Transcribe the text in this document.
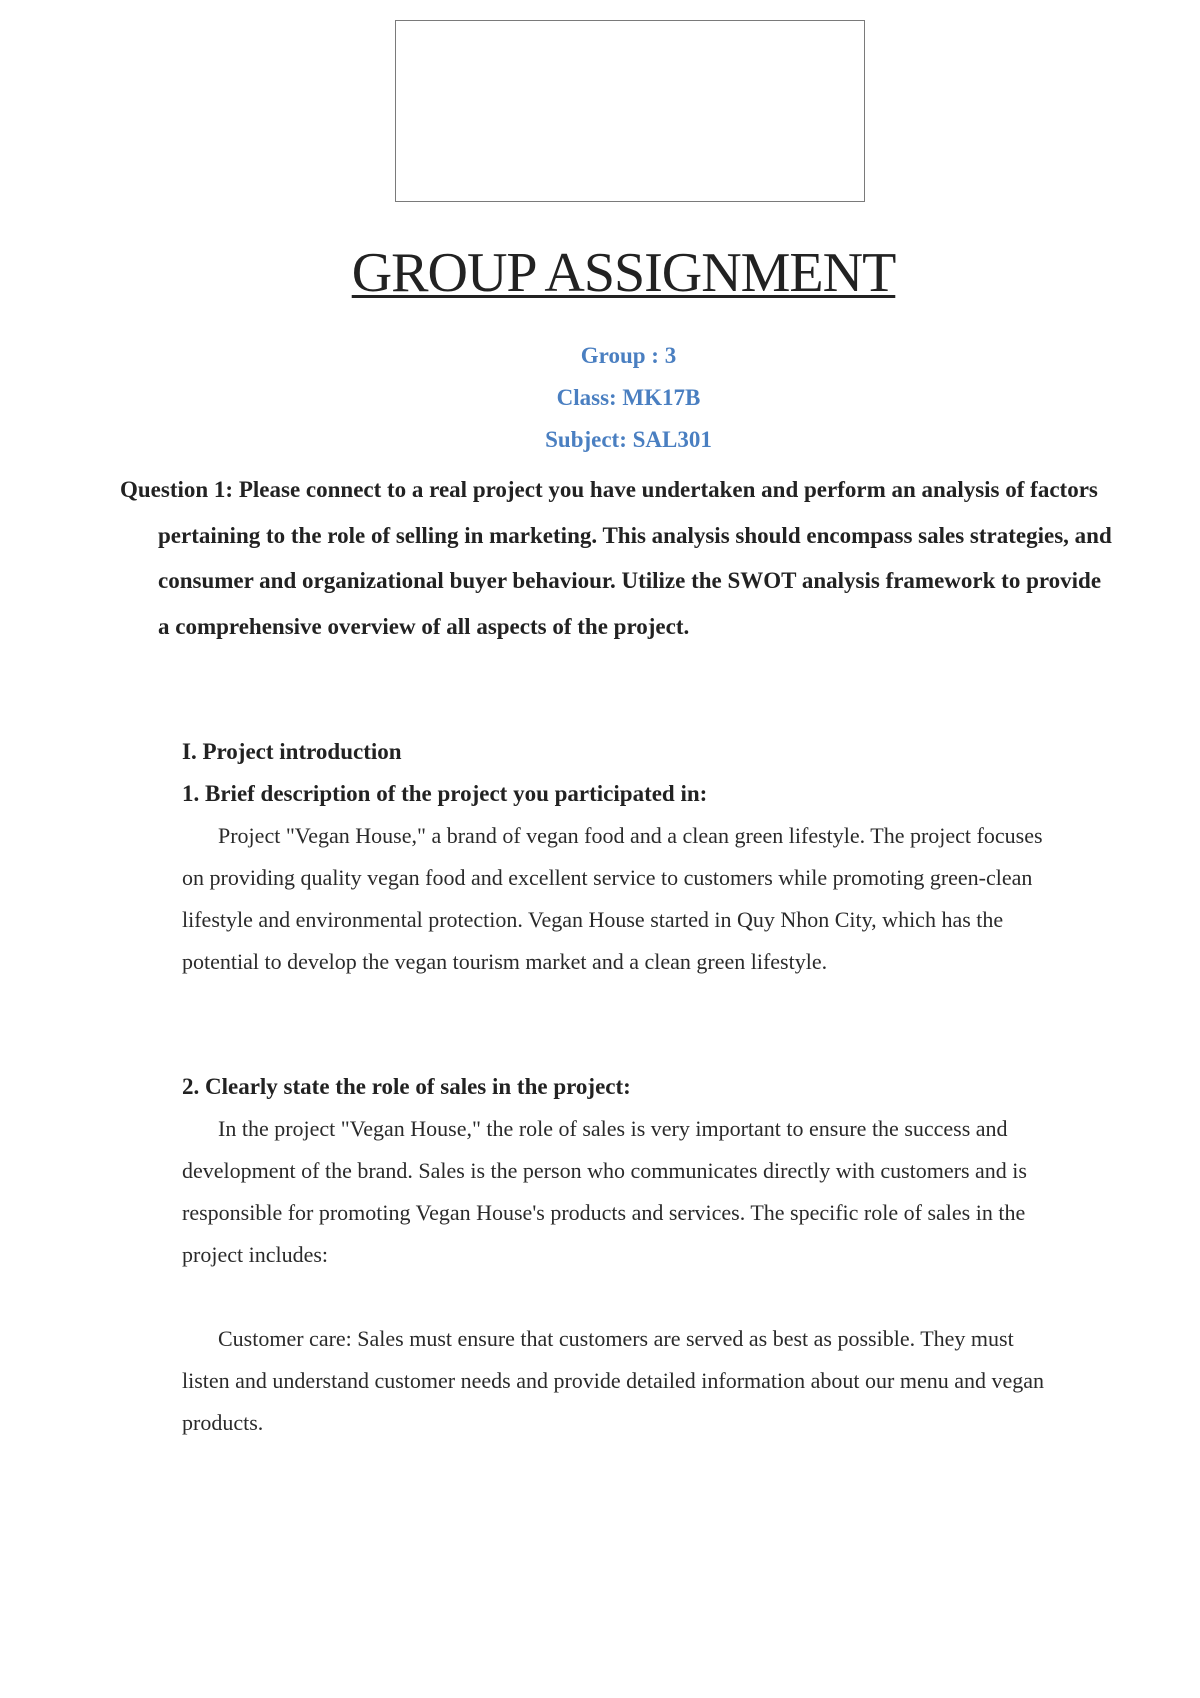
GROUP ASSIGNMENT
Group : 3
Class: MK17B
Subject: SAL301
Question 1: Please connect to a real project you have undertaken and perform an analysis of factors pertaining to the role of selling in marketing. This analysis should encompass sales strategies, and consumer and organizational buyer behaviour. Utilize the SWOT analysis framework to provide a comprehensive overview of all aspects of the project.
I. Project introduction
1. Brief description of the project you participated in:
Project "Vegan House," a brand of vegan food and a clean green lifestyle. The project focuses on providing quality vegan food and excellent service to customers while promoting green-clean lifestyle and environmental protection. Vegan House started in Quy Nhon City, which has the potential to develop the vegan tourism market and a clean green lifestyle.
2. Clearly state the role of sales in the project:
In the project "Vegan House," the role of sales is very important to ensure the success and development of the brand. Sales is the person who communicates directly with customers and is responsible for promoting Vegan House's products and services. The specific role of sales in the project includes:
Customer care: Sales must ensure that customers are served as best as possible. They must listen and understand customer needs and provide detailed information about our menu and vegan products.
